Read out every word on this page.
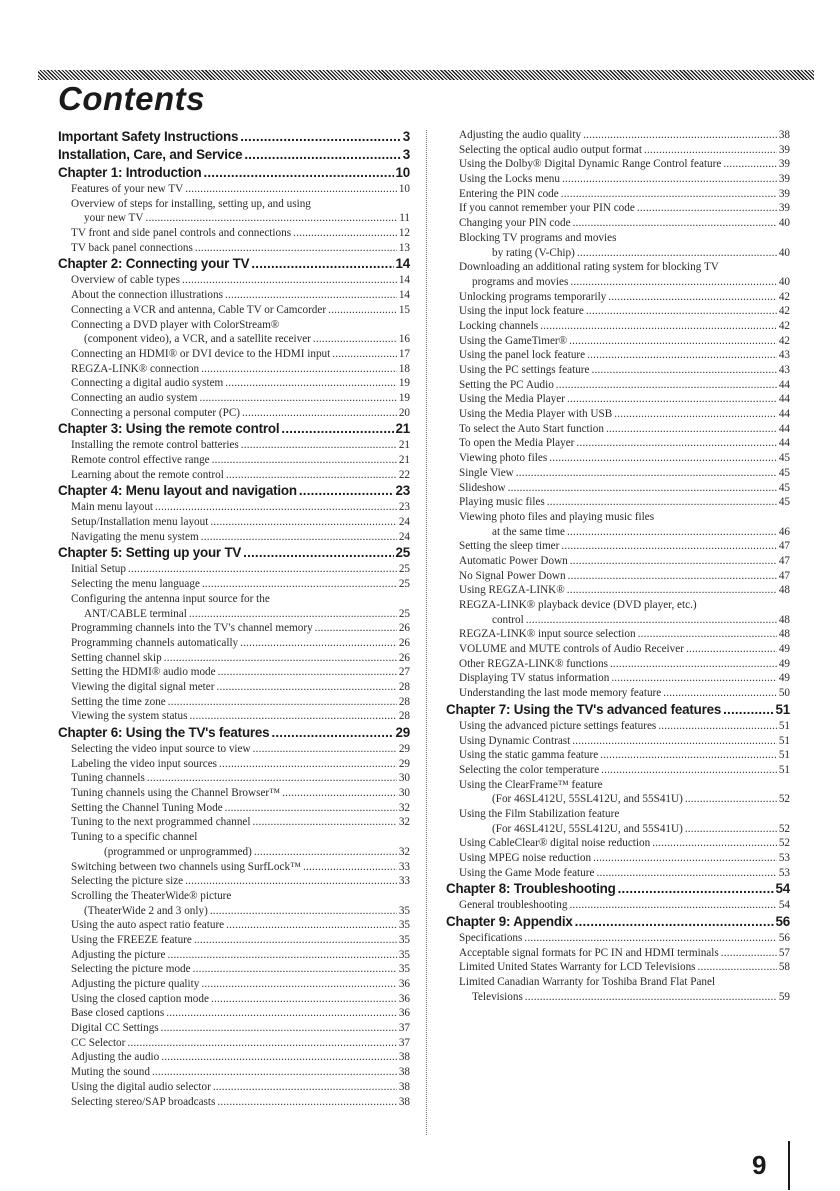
Contents
Important Safety Instructions .....	3
Installation, Care, and Service .....	3
Chapter 1: Introduction .....	10
Features of your new TV .....	10
Overview of steps for installing, setting up, and using
your new TV .....	11
TV front and side panel controls and connections .....	12
TV back panel connections .....	13
Chapter 2: Connecting your TV .....	14
Overview of cable types .....	14
About the connection illustrations .....	14
Connecting a VCR and antenna, Cable TV or Camcorder .....	15
Connecting a DVD player with ColorStream®
(component video), a VCR, and a satellite receiver .....	16
Connecting an HDMI® or DVI device to the HDMI input .....	17
REGZA-LINK® connection .....	18
Connecting a digital audio system .....	19
Connecting an audio system .....	19
Connecting a personal computer (PC) .....	20
Chapter 3: Using the remote control .....	21
Installing the remote control batteries .....	21
Remote control effective range .....	21
Learning about the remote control .....	22
Chapter 4: Menu layout and navigation .....	23
Main menu layout .....	23
Setup/Installation menu layout .....	24
Navigating the menu system .....	24
Chapter 5: Setting up your TV .....	25
Initial Setup .....	25
Selecting the menu language .....	25
Configuring the antenna input source for the
ANT/CABLE terminal .....	25
Programming channels into the TV's channel memory .....	26
Programming channels automatically .....	26
Setting channel skip .....	26
Setting the HDMI® audio mode .....	27
Viewing the digital signal meter .....	28
Setting the time zone .....	28
Viewing the system status .....	28
Chapter 6: Using the TV's features .....	29
Selecting the video input source to view .....	29
Labeling the video input sources .....	29
Tuning channels .....	30
Tuning channels using the Channel Browser™ .....	30
Setting the Channel Tuning Mode .....	32
Tuning to the next programmed channel .....	32
Tuning to a specific channel
(programmed or unprogrammed) .....	32
Switching between two channels using SurfLock™ .....	33
Selecting the picture size .....	33
Scrolling the TheaterWide® picture
(TheaterWide 2 and 3 only) .....	35
Using the auto aspect ratio feature .....	35
Using the FREEZE feature .....	35
Adjusting the picture .....	35
Selecting the picture mode .....	35
Adjusting the picture quality .....	36
Using the closed caption mode .....	36
Base closed captions .....	36
Digital CC Settings .....	37
CC Selector .....	37
Adjusting the audio .....	38
Muting the sound .....	38
Using the digital audio selector .....	38
Selecting stereo/SAP broadcasts .....	38
Adjusting the audio quality .....	38
Selecting the optical audio output format .....	39
Using the Dolby® Digital Dynamic Range Control feature .....	39
Using the Locks menu .....	39
Entering the PIN code .....	39
If you cannot remember your PIN code .....	39
Changing your PIN code .....	40
Blocking TV programs and movies
by rating (V-Chip) .....	40
Downloading an additional rating system for blocking TV
programs and movies .....	40
Unlocking programs temporarily .....	42
Using the input lock feature .....	42
Locking channels .....	42
Using the GameTimer® .....	42
Using the panel lock feature .....	43
Using the PC settings feature .....	43
Setting the PC Audio .....	44
Using the Media Player .....	44
Using the Media Player with USB .....	44
To select the Auto Start function .....	44
To open the Media Player .....	44
Viewing photo files .....	45
Single View .....	45
Slideshow .....	45
Playing music files .....	45
Viewing photo files and playing music files
at the same time .....	46
Setting the sleep timer .....	47
Automatic Power Down .....	47
No Signal Power Down .....	47
Using REGZA-LINK® .....	48
REGZA-LINK® playback device (DVD player, etc.)
control .....	48
REGZA-LINK® input source selection .....	48
VOLUME and MUTE controls of Audio Receiver .....	49
Other REGZA-LINK® functions .....	49
Displaying TV status information .....	49
Understanding the last mode memory feature .....	50
Chapter 7: Using the TV's advanced features .....	51
Using the advanced picture settings features .....	51
Using Dynamic Contrast .....	51
Using the static gamma feature .....	51
Selecting the color temperature .....	51
Using the ClearFrame™ feature
(For 46SL412U, 55SL412U, and 55S41U) .....	52
Using the Film Stabilization feature
(For 46SL412U, 55SL412U, and 55S41U) .....	52
Using CableClear® digital noise reduction .....	52
Using MPEG noise reduction .....	53
Using the Game Mode feature .....	53
Chapter 8: Troubleshooting .....	54
General troubleshooting .....	54
Chapter 9: Appendix .....	56
Specifications .....	56
Acceptable signal formats for PC IN and HDMI terminals .....	57
Limited United States Warranty for LCD Televisions .....	58
Limited Canadian Warranty for Toshiba Brand Flat Panel
Televisions .....	59
9
